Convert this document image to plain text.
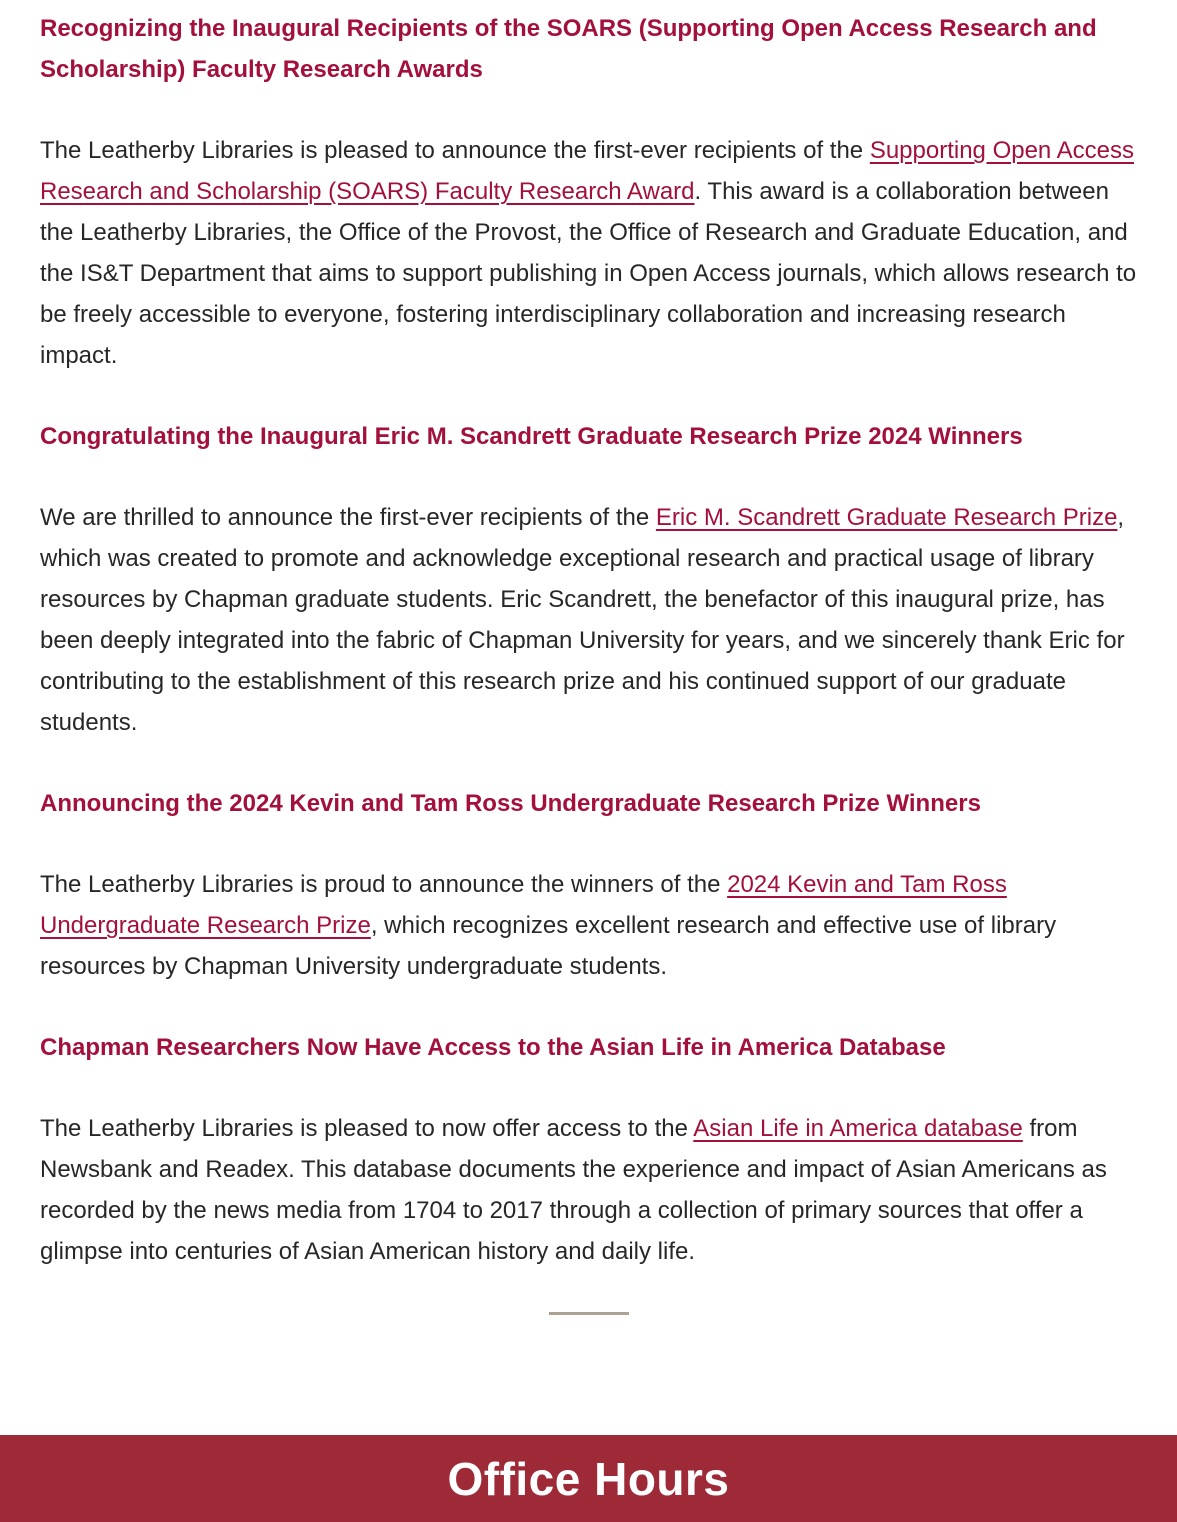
Recognizing the Inaugural Recipients of the SOARS (Supporting Open Access Research and Scholarship) Faculty Research Awards

The Leatherby Libraries is pleased to announce the first-ever recipients of the Supporting Open Access Research and Scholarship (SOARS) Faculty Research Award. This award is a collaboration between the Leatherby Libraries, the Office of the Provost, the Office of Research and Graduate Education, and the IS&T Department that aims to support publishing in Open Access journals, which allows research to be freely accessible to everyone, fostering interdisciplinary collaboration and increasing research impact.

Congratulating the Inaugural Eric M. Scandrett Graduate Research Prize 2024 Winners

We are thrilled to announce the first-ever recipients of the Eric M. Scandrett Graduate Research Prize, which was created to promote and acknowledge exceptional research and practical usage of library resources by Chapman graduate students. Eric Scandrett, the benefactor of this inaugural prize, has been deeply integrated into the fabric of Chapman University for years, and we sincerely thank Eric for contributing to the establishment of this research prize and his continued support of our graduate students.

Announcing the 2024 Kevin and Tam Ross Undergraduate Research Prize Winners

The Leatherby Libraries is proud to announce the winners of the 2024 Kevin and Tam Ross Undergraduate Research Prize, which recognizes excellent research and effective use of library resources by Chapman University undergraduate students.

Chapman Researchers Now Have Access to the Asian Life in America Database

The Leatherby Libraries is pleased to now offer access to the Asian Life in America database from Newsbank and Readex. This database documents the experience and impact of Asian Americans as recorded by the news media from 1704 to 2017 through a collection of primary sources that offer a glimpse into centuries of Asian American history and daily life.

Office Hours
